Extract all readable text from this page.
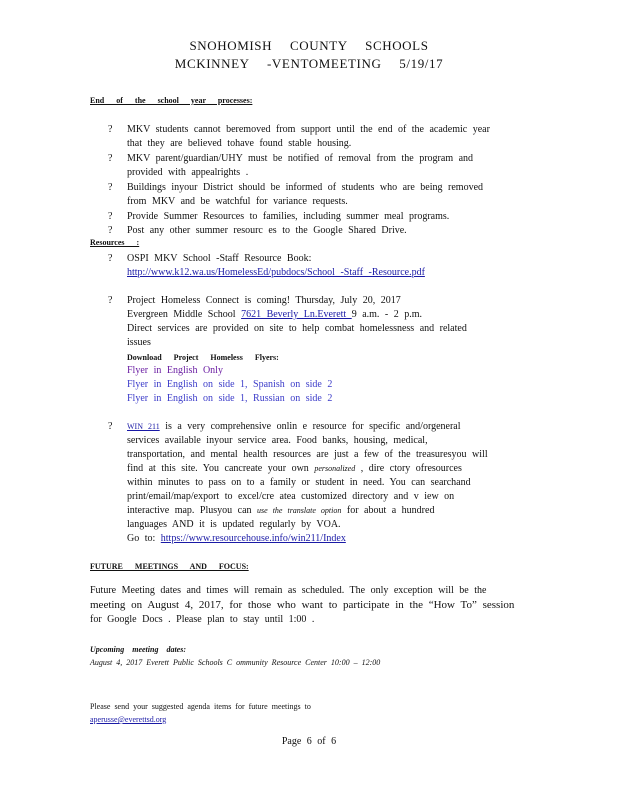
SNOHOMISH COUNTY SCHOOLS
MCKINNEY -VENTOMEETING 5/19/17
End of the school year processes:
? MKV students cannot beremoved from support until the end of the academic year
that they are believed tohave found stable housing.
? MKV parent/guardian/UHY must be notified of removal from the program and
provided with appealrights .
? Buildings inyour District should be informed of students who are being removed
from MKV and be watchful for variance requests.
? Provide Summer Resources to families, including summer meal programs.
? Post any other summer resourc es to the Google Shared Drive.
Resources :
? OSPI MKV School -Staff Resource Book:
http://www.k12.wa.us/HomelessEd/pubdocs/School -Staff -Resource.pdf
? Project Homeless Connect is coming! Thursday, July 20, 2017
Evergreen Middle School 7621 Beverly Ln.Everett 9 a.m. - 2 p.m.
Direct services are provided on site to help combat homelessness and related
issues
Download Project Homeless Flyers:
Flyer in English Only
Flyer in English on side 1, Spanish on side 2
Flyer in English on side 1, Russian on side 2
? WIN 211 is a very comprehensive onlin e resource for specific and/orgeneral
services available inyour service area. Food banks, housing, medical,
transportation, and mental health resources are just a few of the treasuresyou will
find at this site. You cancreate your own personalized , dire ctory ofresources
within minutes to pass on to a family or student in need. You can searchand
print/email/map/export to excel/cre atea customized directory and v iew on
interactive map. Plusyou can use the translate option for about a hundred
languages AND it is updated regularly by VOA.
Go to: https://www.resourcehouse.info/win211/Index
FUTURE MEETINGS AND FOCUS:
Future Meeting dates and times will remain as scheduled. The only exception will be the
meeting on August 4, 2017, for those who want to participate in the “How To” session
for Google Docs . Please plan to stay until 1:00 .
Upcoming meeting dates:
August 4, 2017 Everett Public Schools C ommunity Resource Center 10:00 – 12:00
Please send your suggested agenda items for future meetings to
aperusse@everettsd.org
Page 6 of 6
